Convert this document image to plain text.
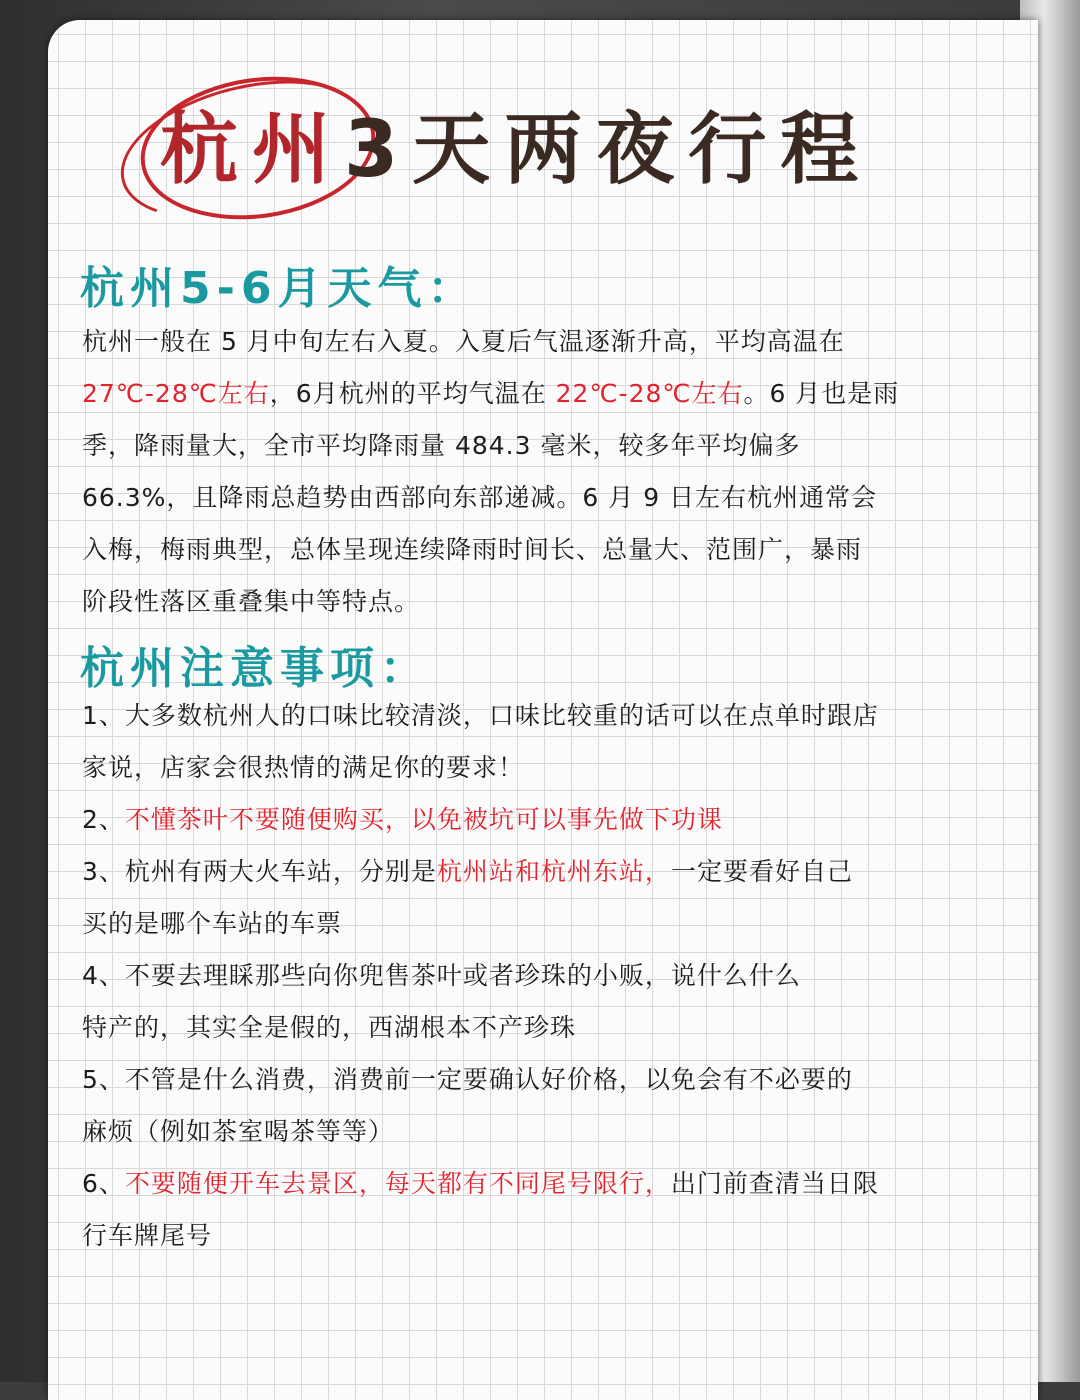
杭州 3天两夜行程
杭州5-6月天气：
杭州一般在 5 月中旬左右入夏。入夏后气温逐渐升高，平均高温在
27℃-28℃左右，6月杭州的平均气温在 22℃-28℃左右。6 月也是雨
季，降雨量大，全市平均降雨量 484.3 毫米，较多年平均偏多
66.3%，且降雨总趋势由西部向东部递减。6 月 9 日左右杭州通常会
入梅，梅雨典型，总体呈现连续降雨时间长、总量大、范围广，暴雨
阶段性落区重叠集中等特点。
杭州注意事项：
1、大多数杭州人的口味比较清淡，口味比较重的话可以在点单时跟店
家说，店家会很热情的满足你的要求！
2、不懂茶叶不要随便购买，以免被坑可以事先做下功课
3、杭州有两大火车站，分别是杭州站和杭州东站，一定要看好自己
买的是哪个车站的车票
4、不要去理睬那些向你兜售茶叶或者珍珠的小贩，说什么什么
特产的，其实全是假的，西湖根本不产珍珠
5、不管是什么消费，消费前一定要确认好价格，以免会有不必要的
麻烦（例如茶室喝茶等等）
6、不要随便开车去景区，每天都有不同尾号限行，出门前查清当日限
行车牌尾号
